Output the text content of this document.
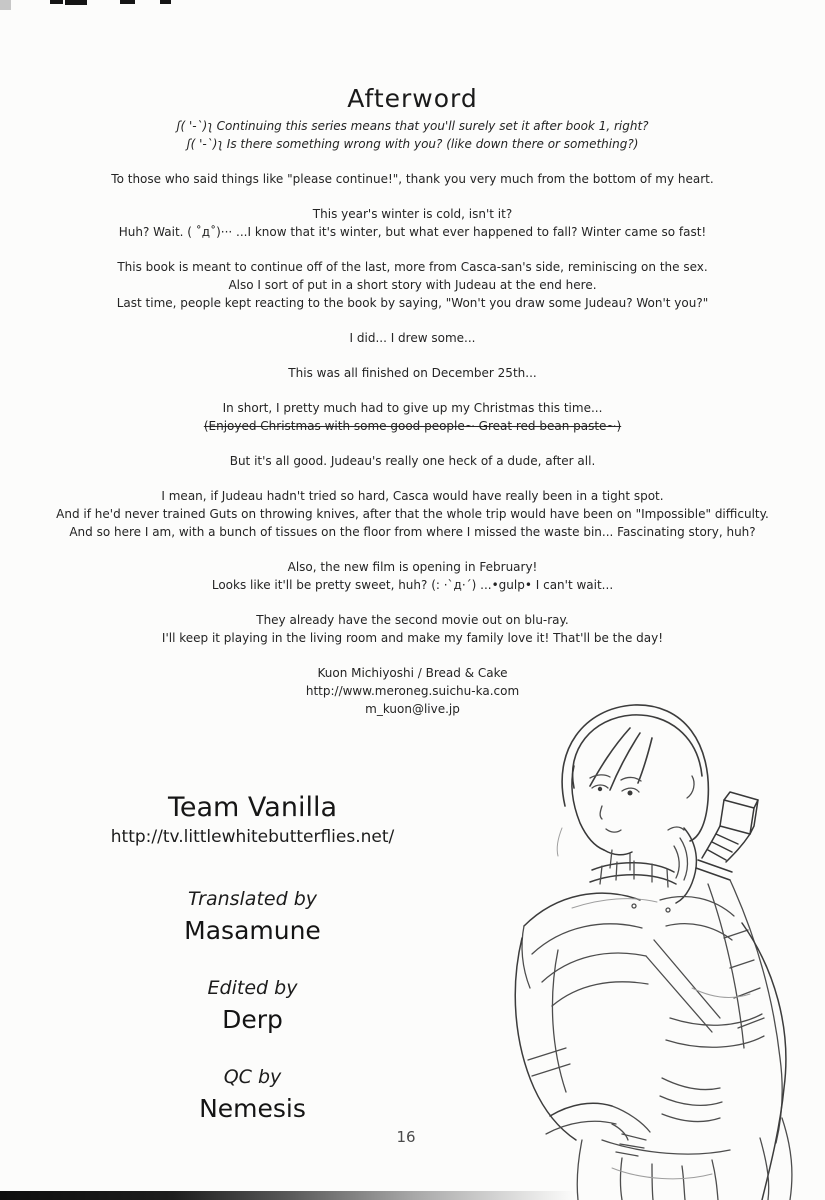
Afterword
ʃ( '-`)ʅ Continuing this series means that you'll surely set it after book 1, right?
ʃ( '-`)ʅ Is there something wrong with you? (like down there or something?)
To those who said things like "please continue!", thank you very much from the bottom of my heart.
This year's winter is cold, isn't it?
Huh? Wait. ( ˚д˚)··· ...I know that it's winter, but what ever happened to fall? Winter came so fast!
This book is meant to continue off of the last, more from Casca-san's side, reminiscing on the sex.
Also I sort of put in a short story with Judeau at the end here.
Last time, people kept reacting to the book by saying, "Won't you draw some Judeau? Won't you?"
I did... I drew some...
This was all finished on December 25th...
In short, I pretty much had to give up my Christmas this time...
(Enjoyed Christmas with some good people~ Great red bean paste~)
But it's all good. Judeau's really one heck of a dude, after all.
I mean, if Judeau hadn't tried so hard, Casca would have really been in a tight spot.
And if he'd never trained Guts on throwing knives, after that the whole trip would have been on "Impossible" difficulty.
And so here I am, with a bunch of tissues on the floor from where I missed the waste bin... Fascinating story, huh?
Also, the new film is opening in February!
Looks like it'll be pretty sweet, huh? (: ·`д·´) ...•gulp• I can't wait...
They already have the second movie out on blu-ray.
I'll keep it playing in the living room and make my family love it! That'll be the day!
Kuon Michiyoshi / Bread & Cake
http://www.meroneg.suichu-ka.com
m_kuon@live.jp
Team Vanilla
http://tv.littlewhitebutterflies.net/
Translated by
Masamune
Edited by
Derp
QC by
Nemesis
16
